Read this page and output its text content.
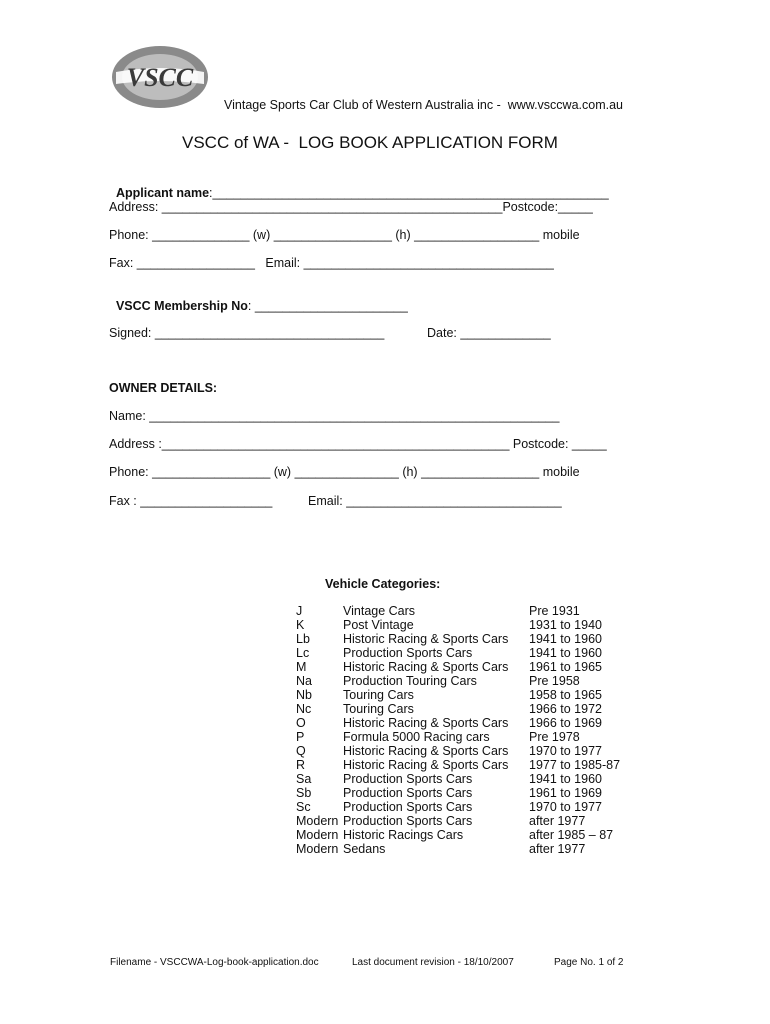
VSCC
Vintage Sports Car Club of Western Australia inc -  www.vsccwa.com.au
VSCC of WA -  LOG BOOK APPLICATION FORM

Applicant name:_________________________________________________________

Address: _________________________________________________Postcode:_____
Phone: ______________ (w) _________________ (h) __________________ mobile
Fax: _________________   Email: ____________________________________

VSCC Membership No: ______________________

Signed: _________________________________	Date: _____________
OWNER DETAILS:
Name: ___________________________________________________________
Address :__________________________________________________ Postcode: _____
Phone: _________________ (w) _______________ (h) _________________ mobile
Fax : ___________________	Email: _______________________________
Vehicle Categories:
J	Vintage Cars	Pre 1931
K	Post Vintage	1931 to 1940
Lb	Historic Racing & Sports Cars 1941 to 1960
Lc	Production Sports Cars	1941 to 1960
M	Historic Racing & Sports Cars 1961 to 1965
Na Production Touring Cars	Pre 1958
Nb Touring Cars	1958 to 1965
Nc	Touring Cars	1966 to 1972
O	Historic Racing & Sports Cars 1966 to 1969
P	Formula 5000 Racing cars	Pre 1978
Q	Historic Racing & Sports Cars 1970 to 1977
R	Historic Racing & Sports Cars 1977 to 1985-87
Sa	Production Sports Cars	1941 to 1960
Sb	Production Sports Cars	1961 to 1969
Sc	Production Sports Cars	1970 to 1977
Modern Production Sports Cars	after 1977
Modern Historic Racings Cars	after 1985 – 87
Modern Sedans	after 1977
Filename - VSCCWA-Log-book-application.doc	Last document revision - 18/10/2007	Page No. 1 of 2
